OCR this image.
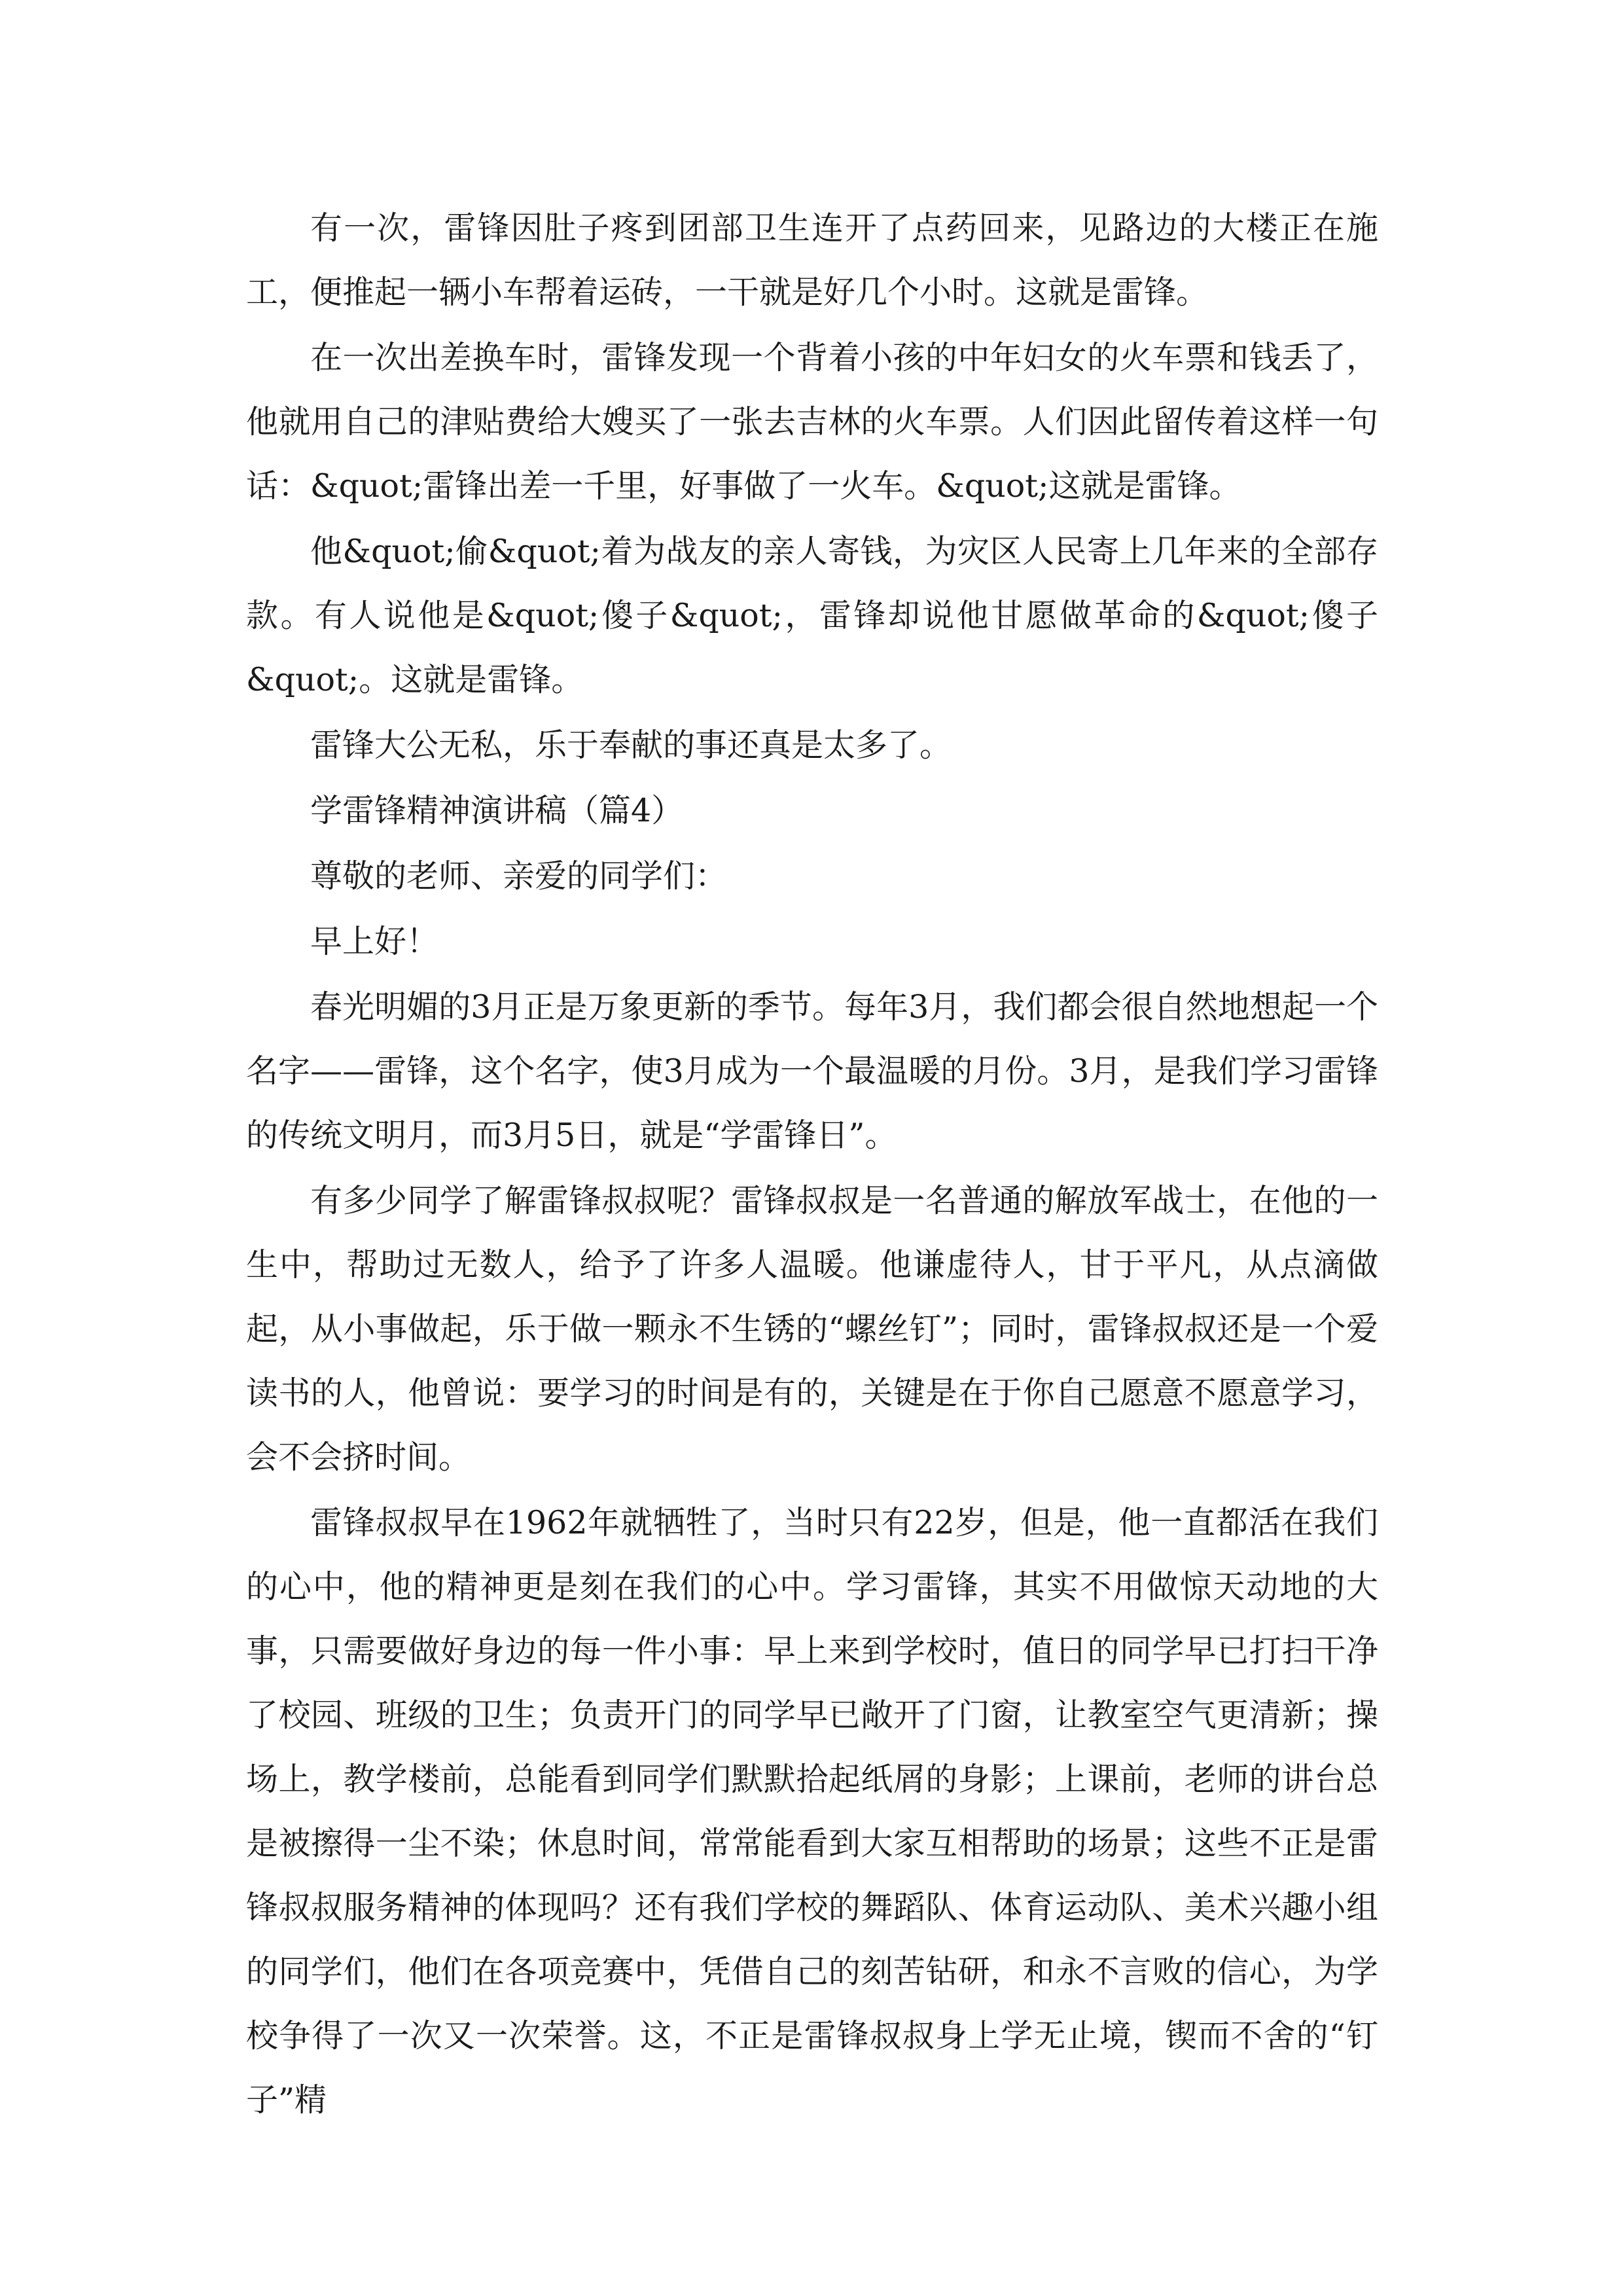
有一次，雷锋因肚子疼到团部卫生连开了点药回来，见路边的大楼正在施工，便推起一辆小车帮着运砖，一干就是好几个小时。这就是雷锋。

在一次出差换车时，雷锋发现一个背着小孩的中年妇女的火车票和钱丢了，他就用自己的津贴费给大嫂买了一张去吉林的火车票。人们因此留传着这样一句话：&quot;雷锋出差一千里，好事做了一火车。&quot;这就是雷锋。

他&quot;偷&quot;着为战友的亲人寄钱，为灾区人民寄上几年来的全部存款。有人说他是&quot;傻子&quot;，雷锋却说他甘愿做革命的&quot;傻子&quot;。这就是雷锋。

雷锋大公无私，乐于奉献的事还真是太多了。

学雷锋精神演讲稿（篇4）

尊敬的老师、亲爱的同学们：

早上好！

春光明媚的3月正是万象更新的季节。每年3月，我们都会很自然地想起一个名字——雷锋，这个名字，使3月成为一个最温暖的月份。3月，是我们学习雷锋的传统文明月，而3月5日，就是“学雷锋日”。

有多少同学了解雷锋叔叔呢？雷锋叔叔是一名普通的解放军战士，在他的一生中，帮助过无数人，给予了许多人温暖。他谦虚待人，甘于平凡，从点滴做起，从小事做起，乐于做一颗永不生锈的“螺丝钉”；同时，雷锋叔叔还是一个爱读书的人，他曾说：要学习的时间是有的，关键是在于你自己愿意不愿意学习，会不会挤时间。

雷锋叔叔早在1962年就牺牲了，当时只有22岁，但是，他一直都活在我们的心中，他的精神更是刻在我们的心中。学习雷锋，其实不用做惊天动地的大事，只需要做好身边的每一件小事：早上来到学校时，值日的同学早已打扫干净了校园、班级的卫生；负责开门的同学早已敞开了门窗，让教室空气更清新；操场上，教学楼前，总能看到同学们默默拾起纸屑的身影；上课前，老师的讲台总是被擦得一尘不染；休息时间，常常能看到大家互相帮助的场景；这些不正是雷锋叔叔服务精神的体现吗？还有我们学校的舞蹈队、体育运动队、美术兴趣小组的同学们，他们在各项竞赛中，凭借自己的刻苦钻研，和永不言败的信心，为学校争得了一次又一次荣誉。这，不正是雷锋叔叔身上学无止境，锲而不舍的“钉子”精
